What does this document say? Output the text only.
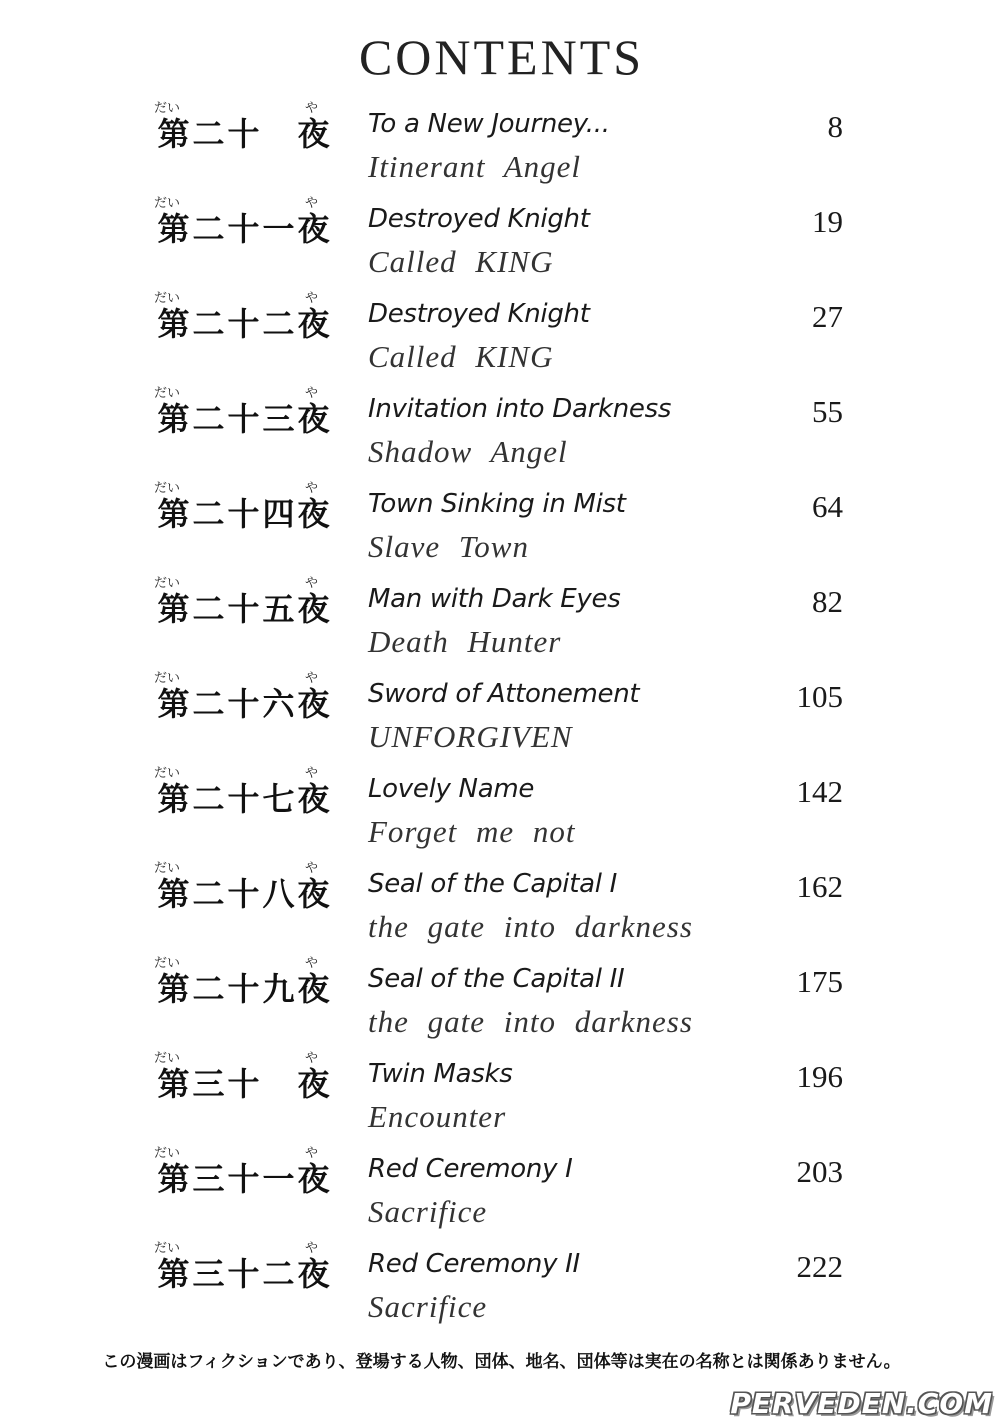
CONTENTS
だい	や
第二十 夜 To a New Journey...
Itinerant Angel
8
だい	や
第二十一 夜 Destroyed Knight
Called KING
19
だい	や
第二十二 夜 Destroyed Knight
Called KING
27
だい	や
第二十三 夜 Invitation into Darkness
Shadow Angel
55
だい	や
第二十四 夜 Town Sinking in Mist
Slave Town
64
だい	や
第二十五 夜 Man with Dark Eyes
Death Hunter
82
だい	や
第二十六 夜 Sword of Attonement
UNFORGIVEN
105
だい	や
第二十七 夜 Lovely Name
Forget me not
142
だい	や
第二十八 夜 Seal of the Capital I
the gate into darkness
162
だい	や
第二十九 夜 Seal of the Capital II
the gate into darkness
175
だい	や
第三十 夜 Twin Masks
Encounter
196
だい	や
第三十一 夜 Red Ceremony I
Sacrifice
203
だい	や
第三十二 夜 Red Ceremony II
Sacrifice
222
この漫画はフィクションであり、登場する人物、団体、地名、団体等は実在の名称とは関係ありません。
PERVEDEN.COM
